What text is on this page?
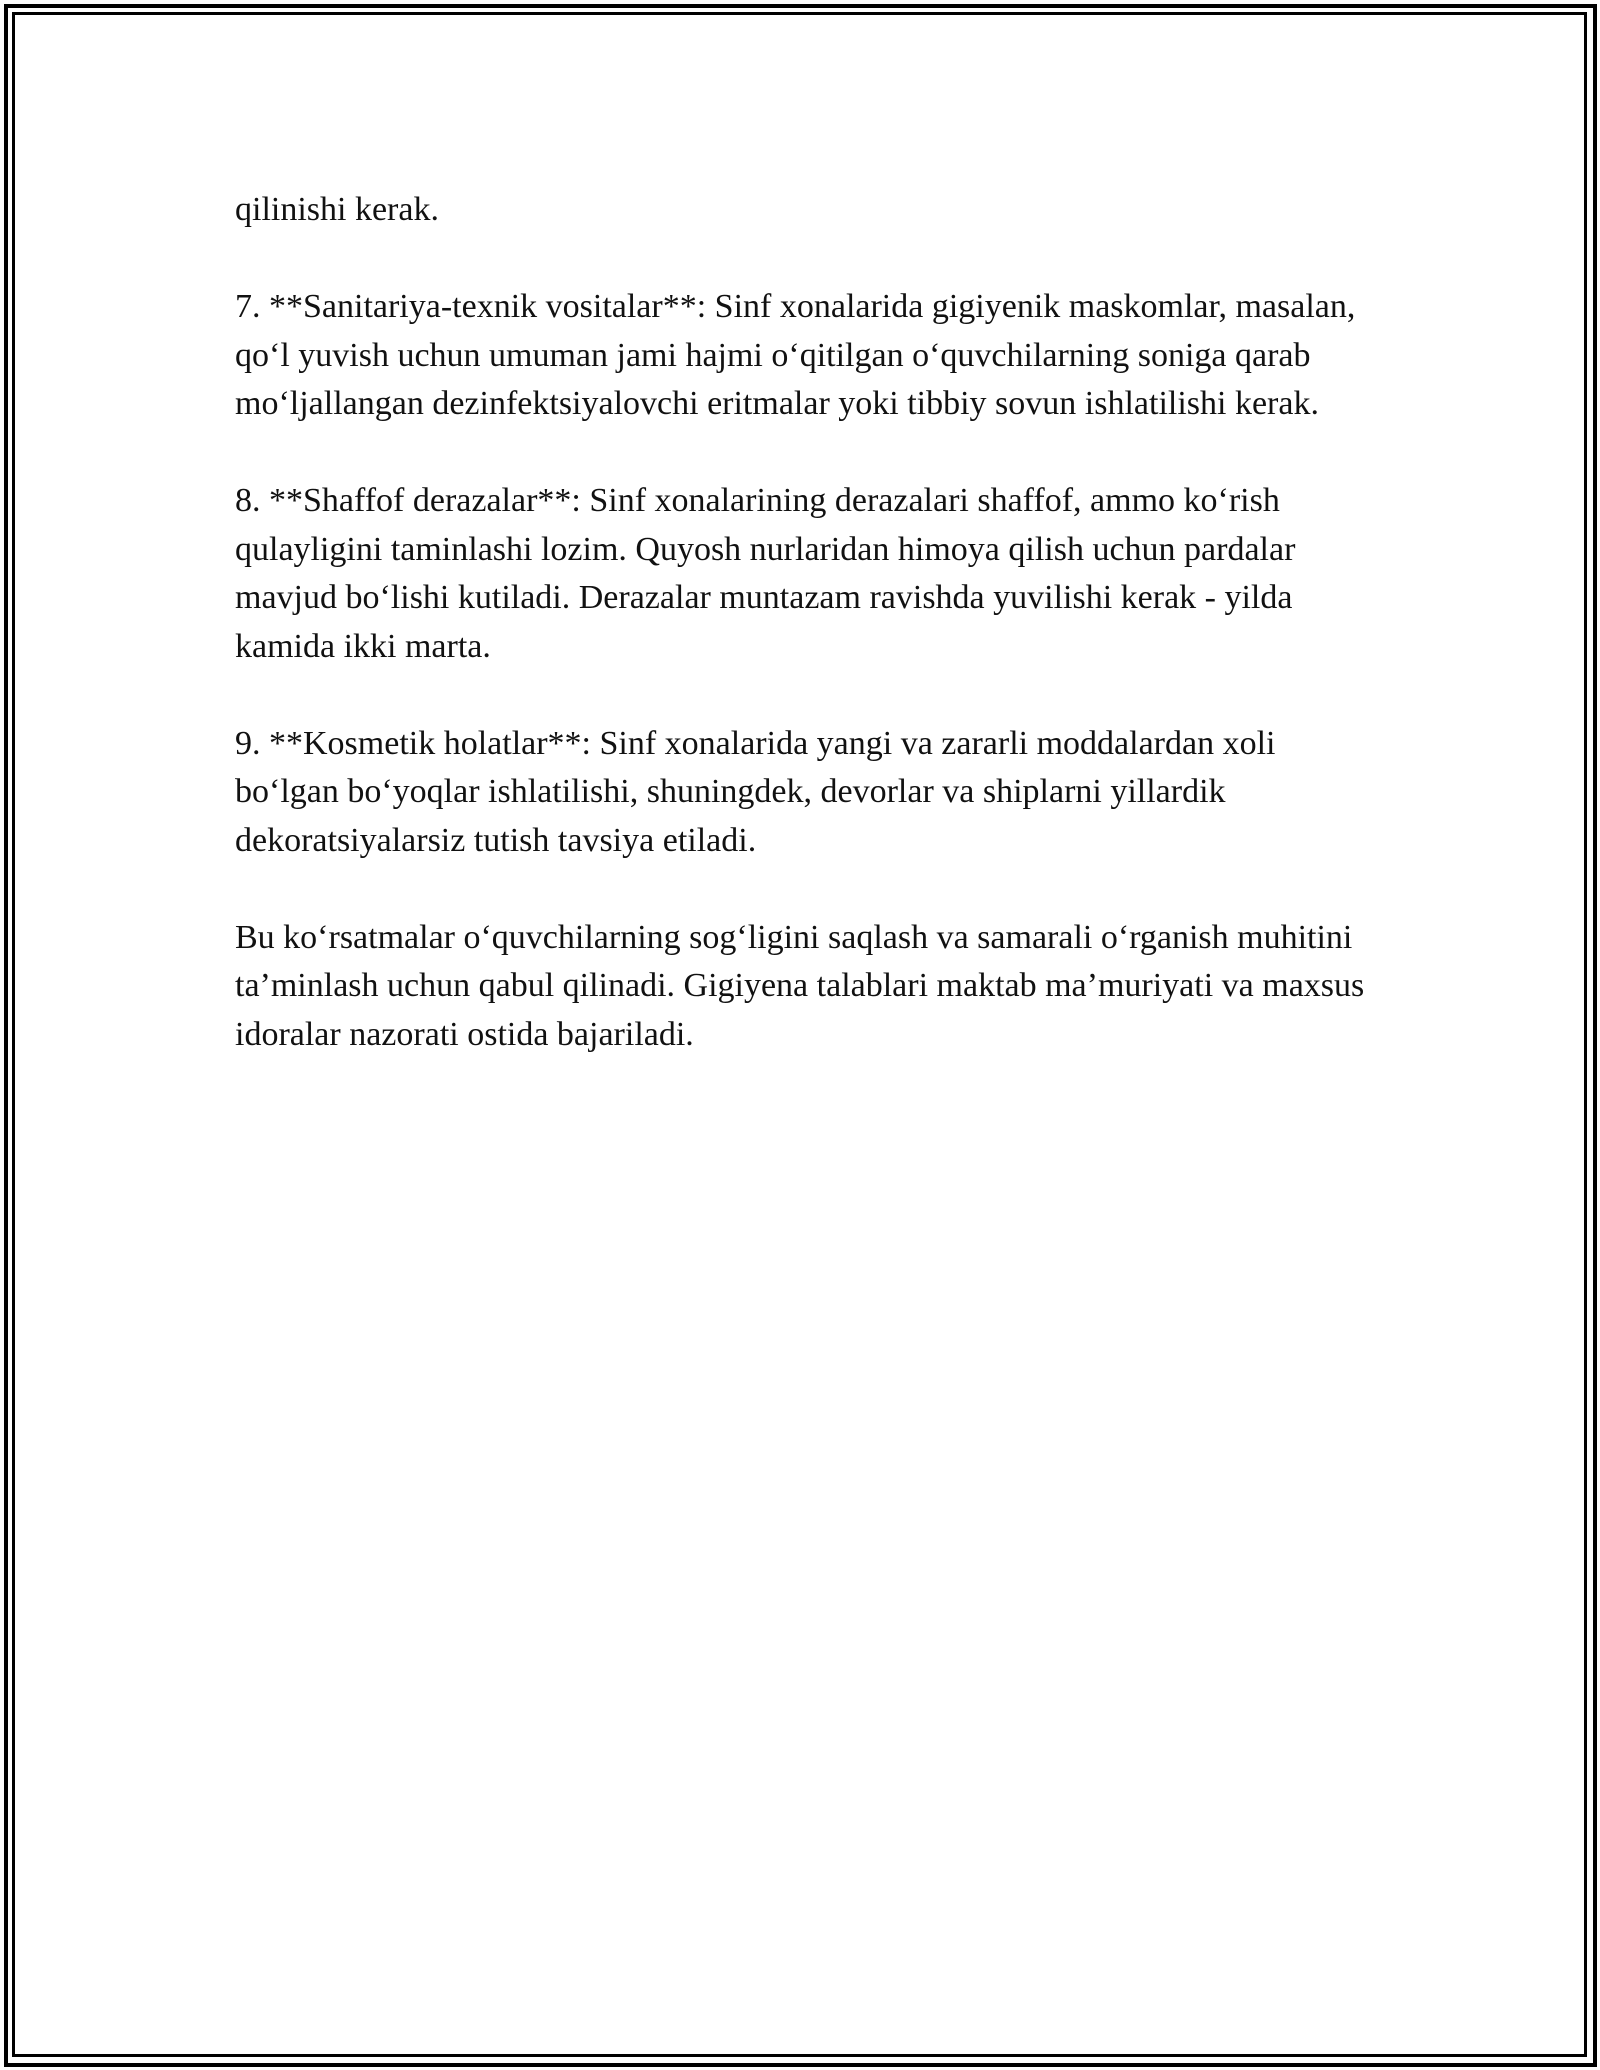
qilinishi kerak.

7. **Sanitariya-texnik vositalar**: Sinf xonalarida gigiyenik maskomlar, masalan, qo‘l yuvish uchun umuman jami hajmi o‘qitilgan o‘quvchilarning soniga qarab mo‘ljallangan dezinfektsiyalovchi eritmalar yoki tibbiy sovun ishlatilishi kerak.

8. **Shaffof derazalar**: Sinf xonalarining derazalari shaffof, ammo ko‘rish qulayligini taminlashi lozim. Quyosh nurlaridan himoya qilish uchun pardalar mavjud bo‘lishi kutiladi. Derazalar muntazam ravishda yuvilishi kerak - yilda kamida ikki marta.

9. **Kosmetik holatlar**: Sinf xonalarida yangi va zararli moddalardan xoli bo‘lgan bo‘yoqlar ishlatilishi, shuningdek, devorlar va shiplarni yillardik dekoratsiyalarsiz tutish tavsiya etiladi.

Bu ko‘rsatmalar o‘quvchilarning sog‘ligini saqlash va samarali o‘rganish muhitini ta’minlash uchun qabul qilinadi. Gigiyena talablari maktab ma’muriyati va maxsus idoralar nazorati ostida bajariladi.
